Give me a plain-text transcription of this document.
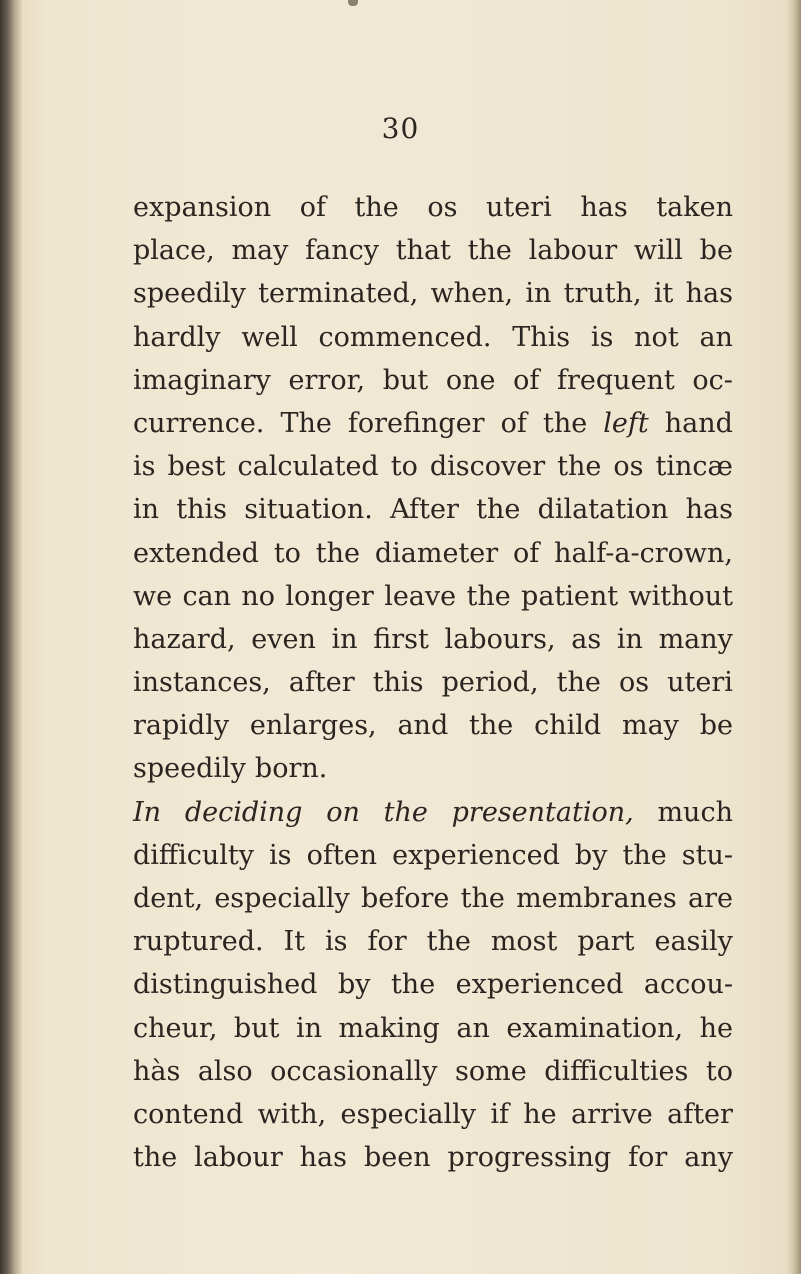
30
expansion of the os uteri has taken
place, may fancy that the labour will be
speedily terminated, when, in truth, it has
hardly well commenced. This is not an
imaginary error, but one of frequent oc-
currence. The forefinger of the left hand
is best calculated to discover the os tincæ
in this situation. After the dilatation has
extended to the diameter of half-a-crown,
we can no longer leave the patient without
hazard, even in first labours, as in many
instances, after this period, the os uteri
rapidly enlarges, and the child may be
speedily born.
In deciding on the presentation, much
difficulty is often experienced by the stu-
dent, especially before the membranes are
ruptured. It is for the most part easily
distinguished by the experienced accou-
cheur, but in making an examination, he
hàs also occasionally some difficulties to
contend with, especially if he arrive after
the labour has been progressing for any
